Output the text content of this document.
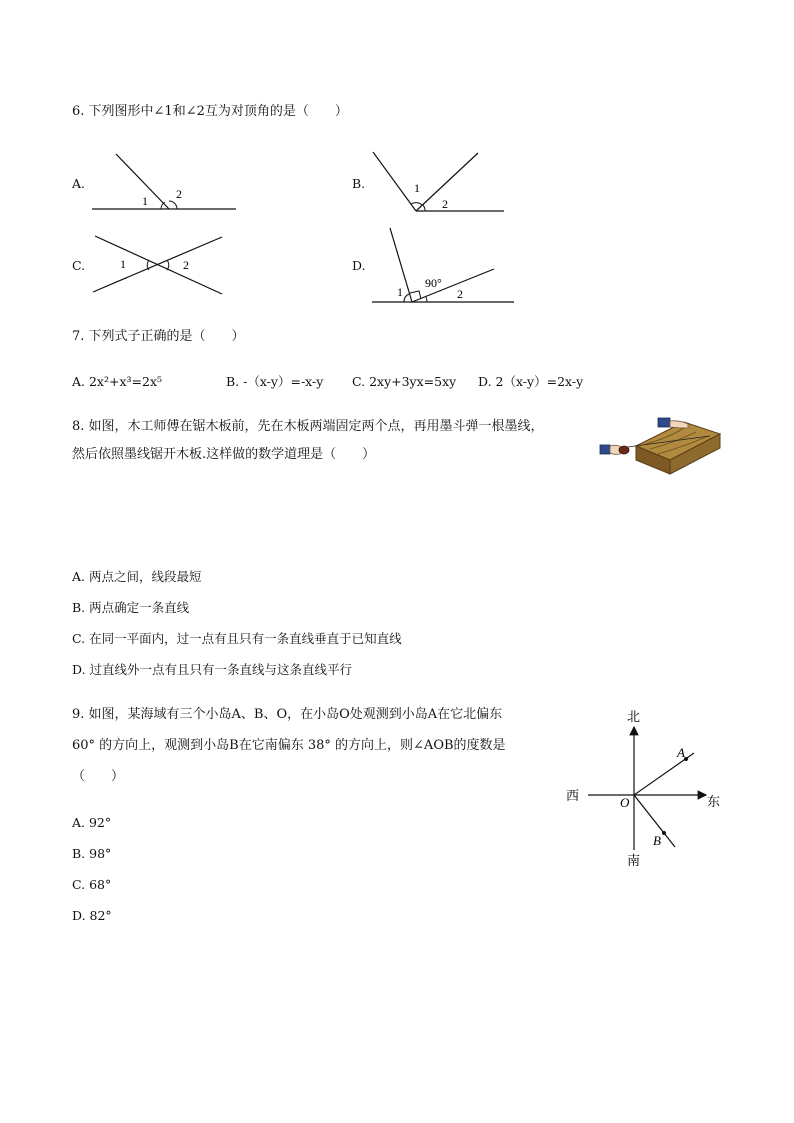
6. 下列图形中∠1和∠2互为对顶角的是（　　）
A.
1 2
B.	1
2
C.	1	2	D.
90°
1	2
7. 下列式子正确的是（　　）
A. 2x²+x³=2x⁵	B. -（x-y）=-x-y C. 2xy+3yx=5xy D. 2（x-y）=2x-y
8. 如图，木工师傅在锯木板前，先在木板两端固定两个点，再用墨斗弹一根墨线，
然后依照墨线锯开木板.这样做的数学道理是（　　）
A. 两点之间，线段最短
B. 两点确定一条直线
C. 在同一平面内，过一点有且只有一条直线垂直于已知直线
D. 过直线外一点有且只有一条直线与这条直线平行
9. 如图，某海域有三个小岛A、B、O，在小岛O处观测到小岛A在它北偏东
60° 的方向上，观测到小岛B在它南偏东 38° 的方向上，则∠AOB的度数是
（　　）
北
南
东
西	O
A
B
A. 92°
B. 98°
C. 68°
D. 82°
